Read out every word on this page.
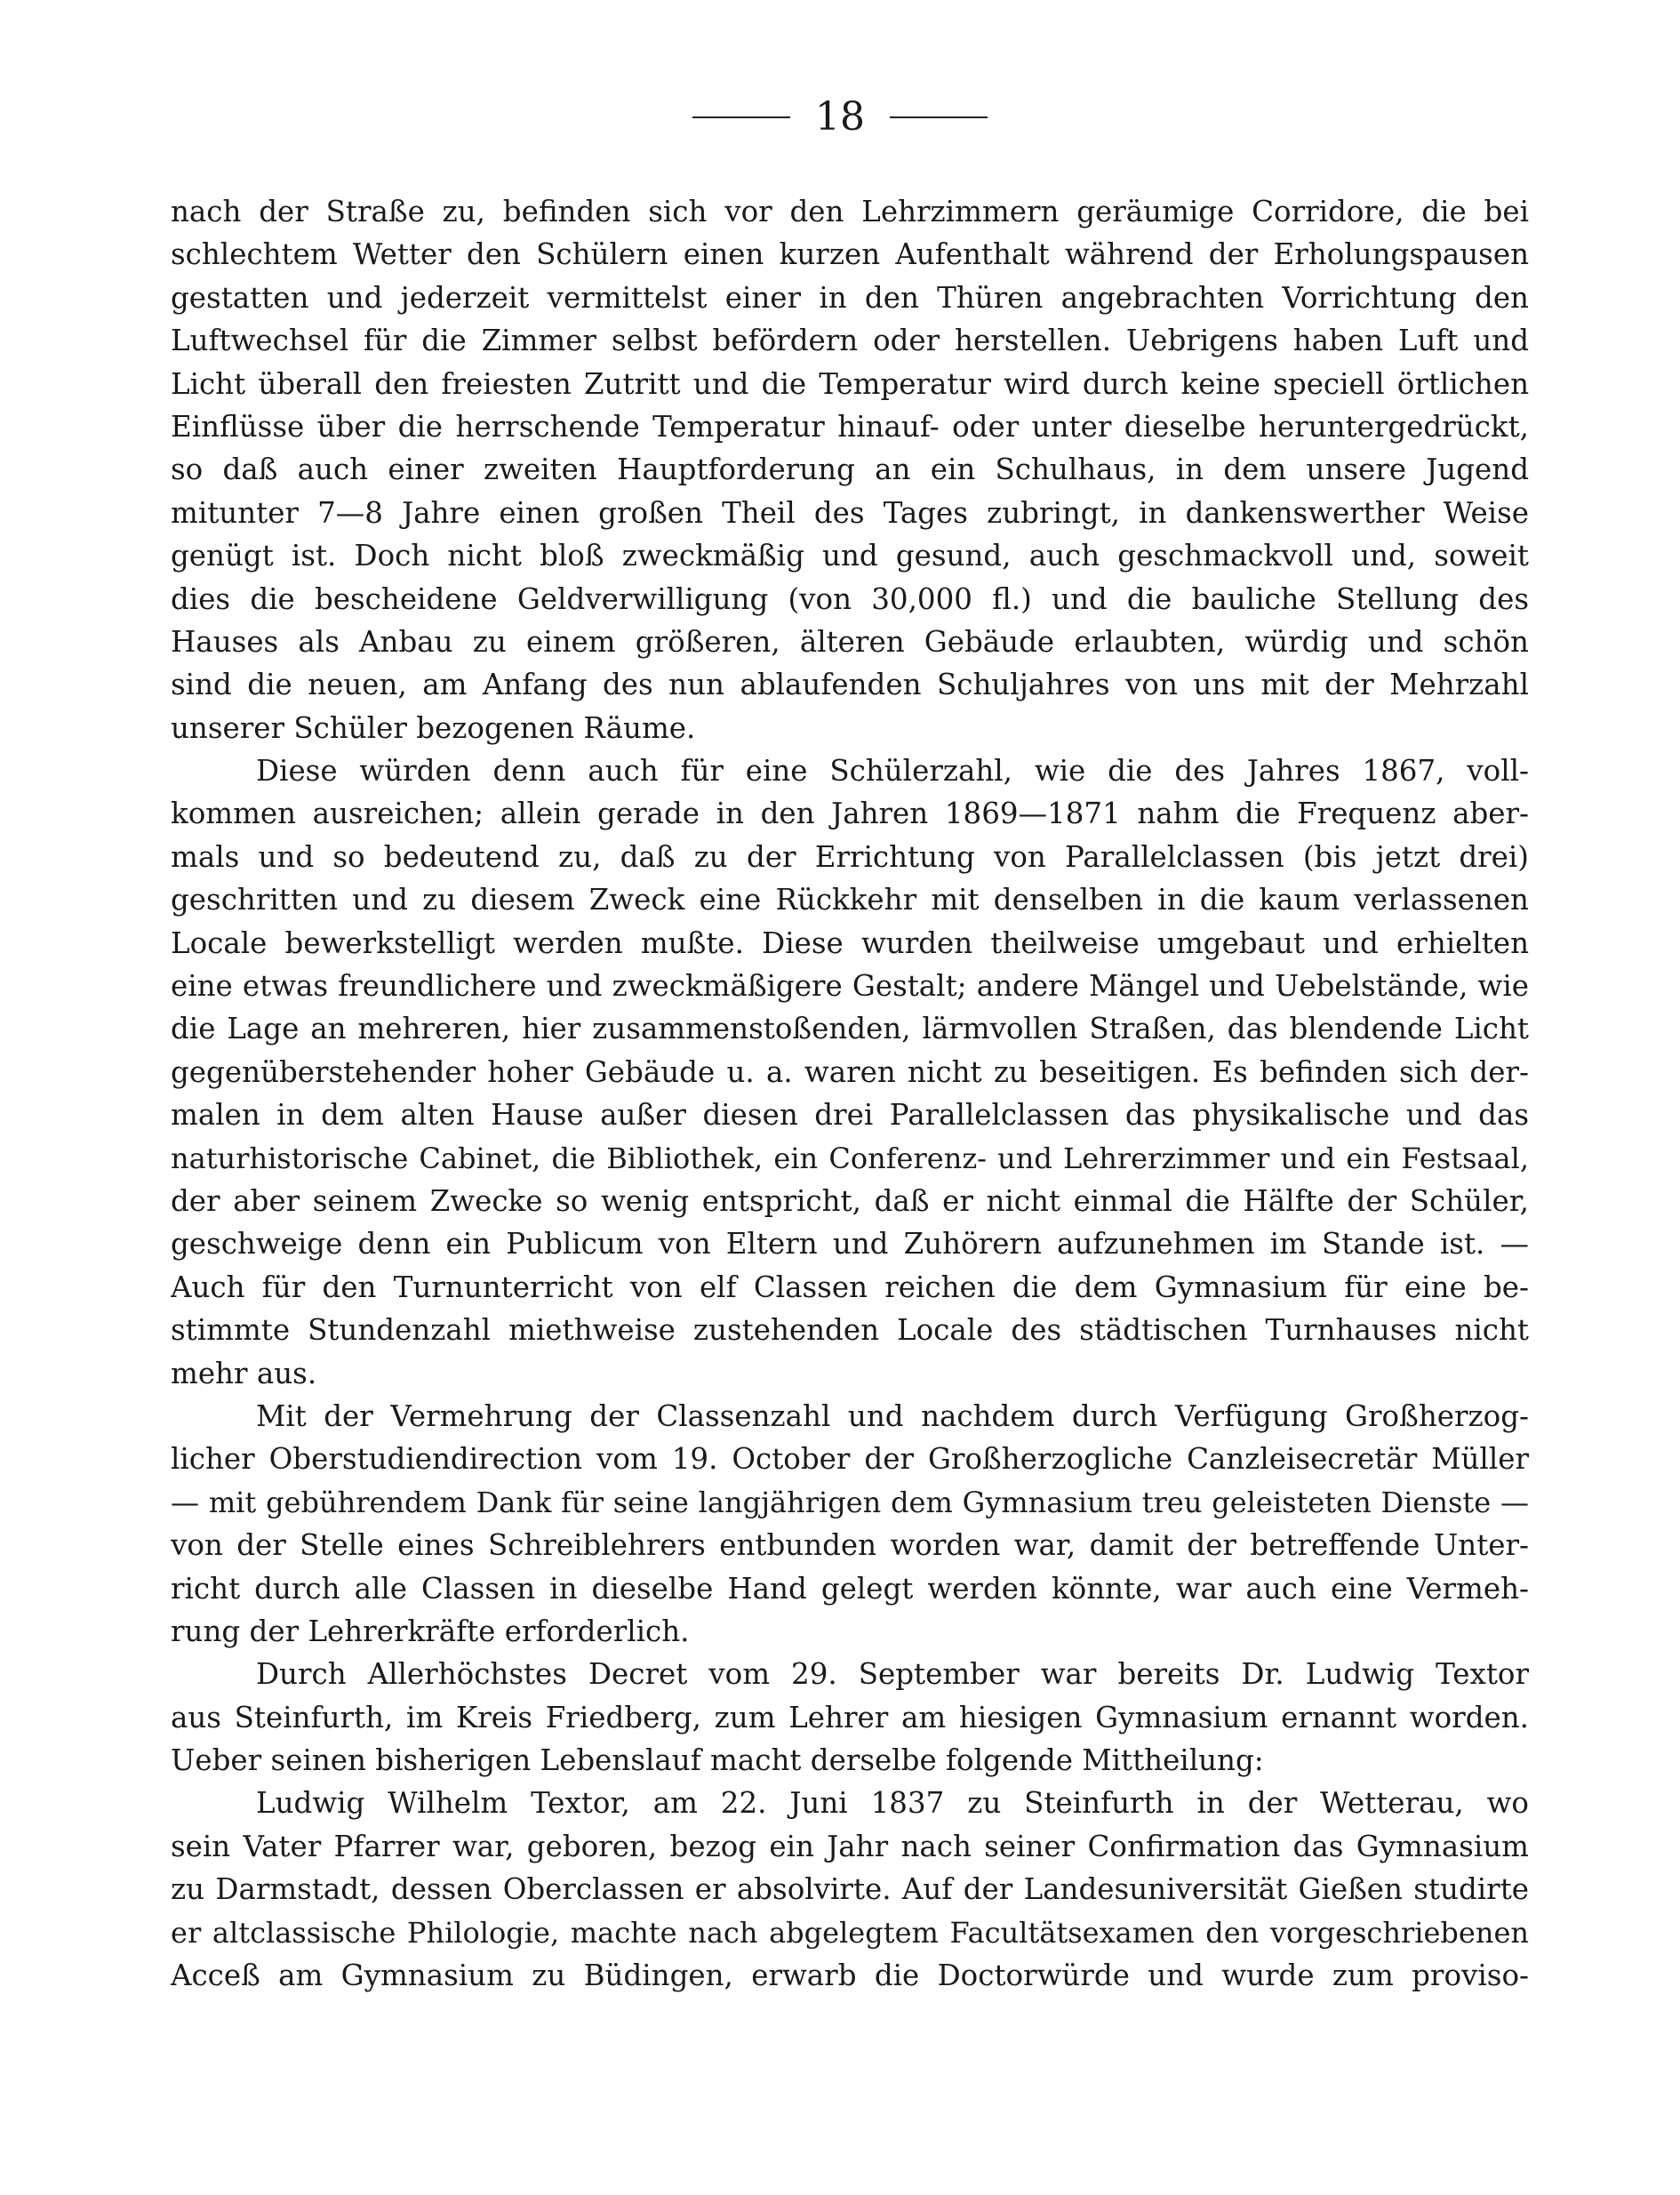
18
nach der Straße zu, befinden sich vor den Lehrzimmern geräumige Corridore, die bei
schlechtem Wetter den Schülern einen kurzen Aufenthalt während der Erholungspausen
gestatten und jederzeit vermittelst einer in den Thüren angebrachten Vorrichtung den
Luftwechsel für die Zimmer selbst befördern oder herstellen. Uebrigens haben Luft und
Licht überall den freiesten Zutritt und die Temperatur wird durch keine speciell örtlichen
Einflüsse über die herrschende Temperatur hinauf- oder unter dieselbe heruntergedrückt,
so daß auch einer zweiten Hauptforderung an ein Schulhaus, in dem unsere Jugend
mitunter 7—8 Jahre einen großen Theil des Tages zubringt, in dankenswerther Weise
genügt ist. Doch nicht bloß zweckmäßig und gesund, auch geschmackvoll und, soweit
dies die bescheidene Geldverwilligung (von 30,000 fl.) und die bauliche Stellung des
Hauses als Anbau zu einem größeren, älteren Gebäude erlaubten, würdig und schön
sind die neuen, am Anfang des nun ablaufenden Schuljahres von uns mit der Mehrzahl
unserer Schüler bezogenen Räume.
Diese würden denn auch für eine Schülerzahl, wie die des Jahres 1867, voll-
kommen ausreichen; allein gerade in den Jahren 1869—1871 nahm die Frequenz aber-
mals und so bedeutend zu, daß zu der Errichtung von Parallelclassen (bis jetzt drei)
geschritten und zu diesem Zweck eine Rückkehr mit denselben in die kaum verlassenen
Locale bewerkstelligt werden mußte. Diese wurden theilweise umgebaut und erhielten
eine etwas freundlichere und zweckmäßigere Gestalt; andere Mängel und Uebelstände, wie
die Lage an mehreren, hier zusammenstoßenden, lärmvollen Straßen, das blendende Licht
gegenüberstehender hoher Gebäude u. a. waren nicht zu beseitigen. Es befinden sich der-
malen in dem alten Hause außer diesen drei Parallelclassen das physikalische und das
naturhistorische Cabinet, die Bibliothek, ein Conferenz- und Lehrerzimmer und ein Festsaal,
der aber seinem Zwecke so wenig entspricht, daß er nicht einmal die Hälfte der Schüler,
geschweige denn ein Publicum von Eltern und Zuhörern aufzunehmen im Stande ist. —
Auch für den Turnunterricht von elf Classen reichen die dem Gymnasium für eine be-
stimmte Stundenzahl miethweise zustehenden Locale des städtischen Turnhauses nicht
mehr aus.
Mit der Vermehrung der Classenzahl und nachdem durch Verfügung Großherzog-
licher Oberstudiendirection vom 19. October der Großherzogliche Canzleisecretär Müller
— mit gebührendem Dank für seine langjährigen dem Gymnasium treu geleisteten Dienste —
von der Stelle eines Schreiblehrers entbunden worden war, damit der betreffende Unter-
richt durch alle Classen in dieselbe Hand gelegt werden könnte, war auch eine Vermeh-
rung der Lehrerkräfte erforderlich.
Durch Allerhöchstes Decret vom 29. September war bereits Dr. Ludwig Textor
aus Steinfurth, im Kreis Friedberg, zum Lehrer am hiesigen Gymnasium ernannt worden.
Ueber seinen bisherigen Lebenslauf macht derselbe folgende Mittheilung:
Ludwig Wilhelm Textor, am 22. Juni 1837 zu Steinfurth in der Wetterau, wo
sein Vater Pfarrer war, geboren, bezog ein Jahr nach seiner Confirmation das Gymnasium
zu Darmstadt, dessen Oberclassen er absolvirte. Auf der Landesuniversität Gießen studirte
er altclassische Philologie, machte nach abgelegtem Facultätsexamen den vorgeschriebenen
Acceß am Gymnasium zu Büdingen, erwarb die Doctorwürde und wurde zum proviso-
